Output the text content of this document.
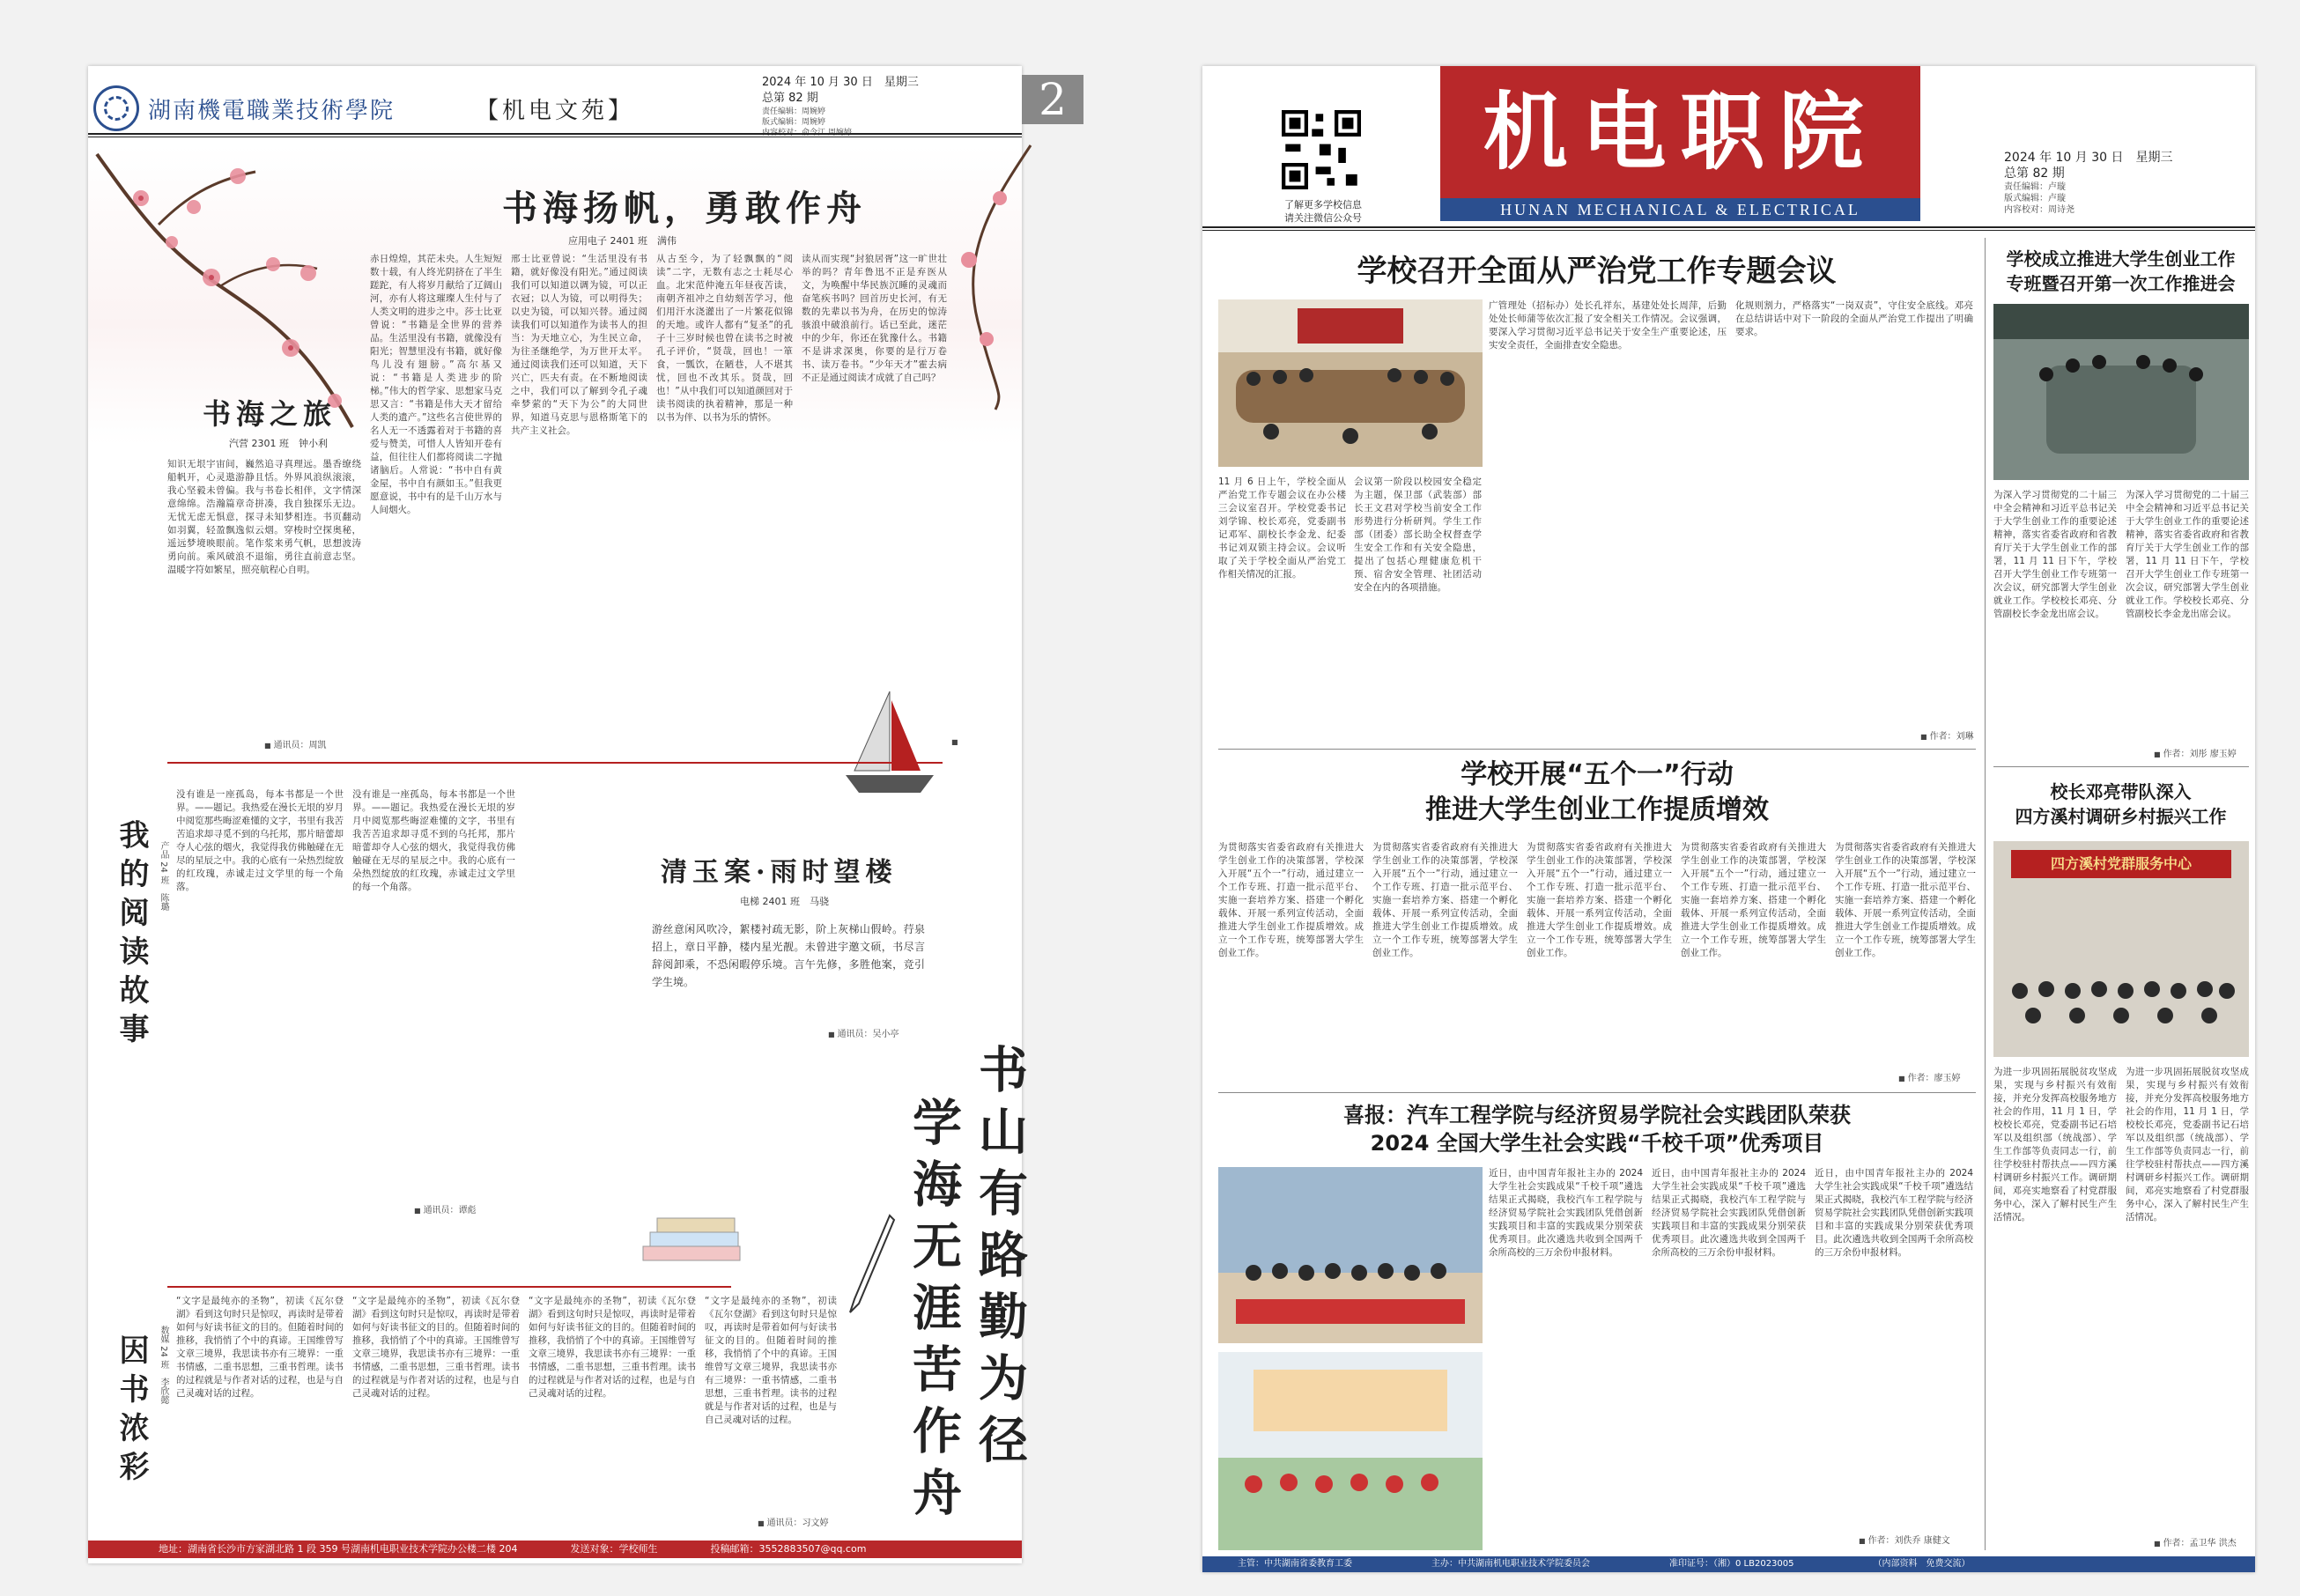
湖南機電職業技術學院	【机电文苑】
2024 年 10 月 30 日　星期三
总第 82 期
责任编辑：周婉婷
版式编辑：周婉婷
内容校对：俞令江 周婉婷
书海扬帆，勇敢作舟
应用电子 2401 班　满伟
赤日煌煌，其茫未央。人生短短数十载，有人终光阴挤在了半生蹉跎，有人将岁月献给了辽阔山河，亦有人将这璀璨人生付与了人类文明的进步之中。莎士比亚曾说：“书籍是全世界的营养品。生活里没有书籍，就像没有阳光；智慧里没有书籍，就好像鸟儿没有翅膀。”高尔基又说：“书籍是人类进步的阶梯。”伟大的哲学家、思想家马克思又言：“书籍是伟大天才留给人类的遗产。”这些名言使世界的名人无一不透露着对于书籍的喜爱与赞美，可惜人人皆知开卷有益，但往往人们都将阅读二字抛诸脑后。人常说：“书中自有黄金屋，书中自有颜如玉。”但我更愿意说，书中有的是千山万水与人间烟火。
邢士比亚曾说：“生活里没有书籍，就好像没有阳光。”通过阅读我们可以知道以调为镜，可以正衣冠；以人为镜，可以明得失；以史为镜，可以知兴替。通过阅读我们可以知道作为读书人的担当：为天地立心，为生民立命，为往圣继绝学，为万世开太平。通过阅读我们还可以知道，天下兴亡，匹夫有责。在不断地阅读之中，我们可以了解到令孔子魂牵梦萦的“天下为公”的大同世界，知道马克思与恩格斯笔下的共产主义社会。
从古至今，为了轻飘飘的“阅读”二字，无数有志之士耗尽心血。北宋范仲淹五年昼夜苦读，南朝齐祖冲之自幼刻苦学习，他们用汗水浇灌出了一片繁花似锦的天地。或许人都有“复圣”的孔子十三岁时候也曾在读书之时被孔子评价，“贤哉，回也！一箪食，一瓢饮，在陋巷，人不堪其忧，回也不改其乐。贤哉，回也！”从中我们可以知道颜回对于读书阅读的执着精神，那是一种以书为伴、以书为乐的情怀。
读从而实现“封狼居胥”这一旷世壮举的吗？青年鲁迅不正是弃医从文，为唤醒中华民族沉睡的灵魂而奋笔疾书吗？回首历史长河，有无数的先辈以书为舟，在历史的惊涛骇浪中破浪前行。话已至此，迷茫中的少年，你还在犹豫什么。书籍不是讲求深奥，你要的是行万卷书、读万卷书。“少年天才”霍去病不正是通过阅读才成就了自己吗？
■
书海之旅
汽营 2301 班　钟小利
知识无垠宇宙间，巍然追寻真理远。墨香缭绕船帆开，心灵遨游静且恬。外界风浪纵滚滚，我心坚毅未曾偏。我与书卷长相伴，文字情深意绵绵。浩瀚篇章奇拼凑，我自独探乐无边。无忧无虑无惧意，探寻未知梦相连。书页翻动如羽翼，轻盈飘逸似云烟。穿梭时空探奥秘，遥远梦境映眼前。笔作浆来勇气帆，思想波涛勇向前。乘风破浪不退缩，勇往直前意志坚。温暖字符如繁星，照亮航程心自明。
■ 通讯员：周凯
我的阅读故事	产品 24 班　陈璐
没有谁是一座孤岛，每本书都是一个世界。——题记。我热爱在漫长无垠的岁月中阅览那些晦涩难懂的文字，书里有我苦苦追求却寻觅不到的乌托邦，那片暗蕾却夺人心弦的烟火，我觉得我仿佛触碰在无尽的星辰之中。我的心底有一朵热烈绽放的红玫瑰，赤诚走过文学里的每一个角落。
没有谁是一座孤岛，每本书都是一个世界。——题记。我热爱在漫长无垠的岁月中阅览那些晦涩难懂的文字，书里有我苦苦追求却寻觅不到的乌托邦，那片暗蕾却夺人心弦的烟火，我觉得我仿佛触碰在无尽的星辰之中。我的心底有一朵热烈绽放的红玫瑰，赤诚走过文学里的每一个角落。
■ 通讯员：谭彪
清玉案·雨时望楼
电梯 2401 班　马骁
游丝意闲风吹冷，絮楼衬疏无影，阶上灰梯山假岭。荇泉招上，章日平静，楼内星光靓。未曾进宇邀文硕，书尽言辞阅卸乘，不恐闲暇停乐境。言午先修，多胜他案，竞引学生境。
■ 通讯员：吴小亭
书山有路勤为径
学海无涯苦作舟
因书浓彩	数媒 24 班　李欣懿
“文字是最纯亦的圣物”，初读《瓦尔登湖》看到这句时只是惊叹，再读时是带着如何与好读书征文的目的。但随着时间的推移，我悄悄了个中的真谛。王国维曾写文章三境界，我思读书亦有三境界：一重书情感，二重书思想，三重书哲理。读书的过程就是与作者对话的过程，也是与自己灵魂对话的过程。
“文字是最纯亦的圣物”，初读《瓦尔登湖》看到这句时只是惊叹，再读时是带着如何与好读书征文的目的。但随着时间的推移，我悄悄了个中的真谛。王国维曾写文章三境界，我思读书亦有三境界：一重书情感，二重书思想，三重书哲理。读书的过程就是与作者对话的过程，也是与自己灵魂对话的过程。
“文字是最纯亦的圣物”，初读《瓦尔登湖》看到这句时只是惊叹，再读时是带着如何与好读书征文的目的。但随着时间的推移，我悄悄了个中的真谛。王国维曾写文章三境界，我思读书亦有三境界：一重书情感，二重书思想，三重书哲理。读书的过程就是与作者对话的过程，也是与自己灵魂对话的过程。
“文字是最纯亦的圣物”，初读《瓦尔登湖》看到这句时只是惊叹，再读时是带着如何与好读书征文的目的。但随着时间的推移，我悄悄了个中的真谛。王国维曾写文章三境界，我思读书亦有三境界：一重书情感，二重书思想，三重书哲理。读书的过程就是与作者对话的过程，也是与自己灵魂对话的过程。
■ 通讯员：习文婷
地址：湖南省长沙市方家湖北路 1 段 359 号湖南机电职业技术学院办公楼二楼 204	发送对象：学校师生	投稿邮箱：3552883507@qq.com
2
了解更多学校信息
请关注微信公众号
机电职院
HUNAN MECHANICAL & ELECTRICAL POLYTECHNIC
2024 年 10 月 30 日　星期三
总第 82 期
责任编辑：卢璇
版式编辑：卢璇
内容校对：周诗尧
学校召开全面从严治党工作专题会议
11 月 6 日上午，学校全面从严治党工作专题会议在办公楼三会议室召开。学校党委书记刘学锦、校长邓亮，党委副书记邓军、副校长李金龙、纪委书记刘双锁主持会议。会议听取了关于学校全面从严治党工作相关情况的汇报。
会议第一阶段以校园安全稳定为主题，保卫部（武装部）部长王文君对学校当前安全工作形势进行分析研判。学生工作部（团委）部长助全权督查学生安全工作和有关安全隐患，提出了包括心理健康危机干预、宿舍安全管理、社团活动安全在内的各项措施。
广管理处（招标办）处长孔祥东，基建处处长周萍，后勤处处长师蒲等依次汇报了安全相关工作情况。会议强调，要深入学习贯彻习近平总书记关于安全生产重要论述，压实安全责任，全面排查安全隐患。
化规则割力，严格落实“一岗双责”，守住安全底线。邓亮在总结讲话中对下一阶段的全面从严治党工作提出了明确要求。
■ 作者：刘琳
学校开展“五个一”行动
推进大学生创业工作提质增效
为贯彻落实省委省政府有关推进大学生创业工作的决策部署，学校深入开展“五个一”行动，通过建立一个工作专班、打造一批示范平台、实施一套培养方案、搭建一个孵化载体、开展一系列宣传活动，全面推进大学生创业工作提质增效。成立一个工作专班，统筹部署大学生创业工作。
为贯彻落实省委省政府有关推进大学生创业工作的决策部署，学校深入开展“五个一”行动，通过建立一个工作专班、打造一批示范平台、实施一套培养方案、搭建一个孵化载体、开展一系列宣传活动，全面推进大学生创业工作提质增效。成立一个工作专班，统筹部署大学生创业工作。
为贯彻落实省委省政府有关推进大学生创业工作的决策部署，学校深入开展“五个一”行动，通过建立一个工作专班、打造一批示范平台、实施一套培养方案、搭建一个孵化载体、开展一系列宣传活动，全面推进大学生创业工作提质增效。成立一个工作专班，统筹部署大学生创业工作。
为贯彻落实省委省政府有关推进大学生创业工作的决策部署，学校深入开展“五个一”行动，通过建立一个工作专班、打造一批示范平台、实施一套培养方案、搭建一个孵化载体、开展一系列宣传活动，全面推进大学生创业工作提质增效。成立一个工作专班，统筹部署大学生创业工作。
为贯彻落实省委省政府有关推进大学生创业工作的决策部署，学校深入开展“五个一”行动，通过建立一个工作专班、打造一批示范平台、实施一套培养方案、搭建一个孵化载体、开展一系列宣传活动，全面推进大学生创业工作提质增效。成立一个工作专班，统筹部署大学生创业工作。
■ 作者：廖玉婷
喜报：汽车工程学院与经济贸易学院社会实践团队荣获
2024 全国大学生社会实践“千校千项”优秀项目
近日，由中国青年报社主办的 2024 大学生社会实践成果“千校千项”遴选结果正式揭晓，我校汽车工程学院与经济贸易学院社会实践团队凭借创新实践项目和丰富的实践成果分别荣获优秀项目。此次遴选共收到全国两千余所高校的三万余份申报材料。
近日，由中国青年报社主办的 2024 大学生社会实践成果“千校千项”遴选结果正式揭晓，我校汽车工程学院与经济贸易学院社会实践团队凭借创新实践项目和丰富的实践成果分别荣获优秀项目。此次遴选共收到全国两千余所高校的三万余份申报材料。
近日，由中国青年报社主办的 2024 大学生社会实践成果“千校千项”遴选结果正式揭晓，我校汽车工程学院与经济贸易学院社会实践团队凭借创新实践项目和丰富的实践成果分别荣获优秀项目。此次遴选共收到全国两千余所高校的三万余份申报材料。
■ 作者：刘佚乔 康健文
学校成立推进大学生创业工作
专班暨召开第一次工作推进会
为深入学习贯彻党的二十届三中全会精神和习近平总书记关于大学生创业工作的重要论述精神，落实省委省政府和省教育厅关于大学生创业工作的部署，11 月 11 日下午，学校召开大学生创业工作专班第一次会议，研究部署大学生创业就业工作。学校校长邓亮、分管副校长李金龙出席会议。
为深入学习贯彻党的二十届三中全会精神和习近平总书记关于大学生创业工作的重要论述精神，落实省委省政府和省教育厅关于大学生创业工作的部署，11 月 11 日下午，学校召开大学生创业工作专班第一次会议，研究部署大学生创业就业工作。学校校长邓亮、分管副校长李金龙出席会议。
■ 作者：刘彤 廖玉婷
校长邓亮带队深入
四方溪村调研乡村振兴工作
四方溪村党群服务中心
为进一步巩固拓展脱贫攻坚成果，实现与乡村振兴有效衔接，并充分发挥高校服务地方社会的作用，11 月 1 日，学校校长邓亮，党委副书记石培军以及组织部（统战部）、学生工作部等负责同志一行，前往学校驻村帮扶点——四方溪村调研乡村振兴工作。调研期间，邓亮实地察看了村党群服务中心，深入了解村民生产生活情况。
为进一步巩固拓展脱贫攻坚成果，实现与乡村振兴有效衔接，并充分发挥高校服务地方社会的作用，11 月 1 日，学校校长邓亮，党委副书记石培军以及组织部（统战部）、学生工作部等负责同志一行，前往学校驻村帮扶点——四方溪村调研乡村振兴工作。调研期间，邓亮实地察看了村党群服务中心，深入了解村民生产生活情况。
■ 作者：孟卫华 洪杰
主管：中共湖南省委教育工委	主办：中共湖南机电职业技术学院委员会	准印证号：（湘）0 LB2023005	（内部资料　免费交流）
